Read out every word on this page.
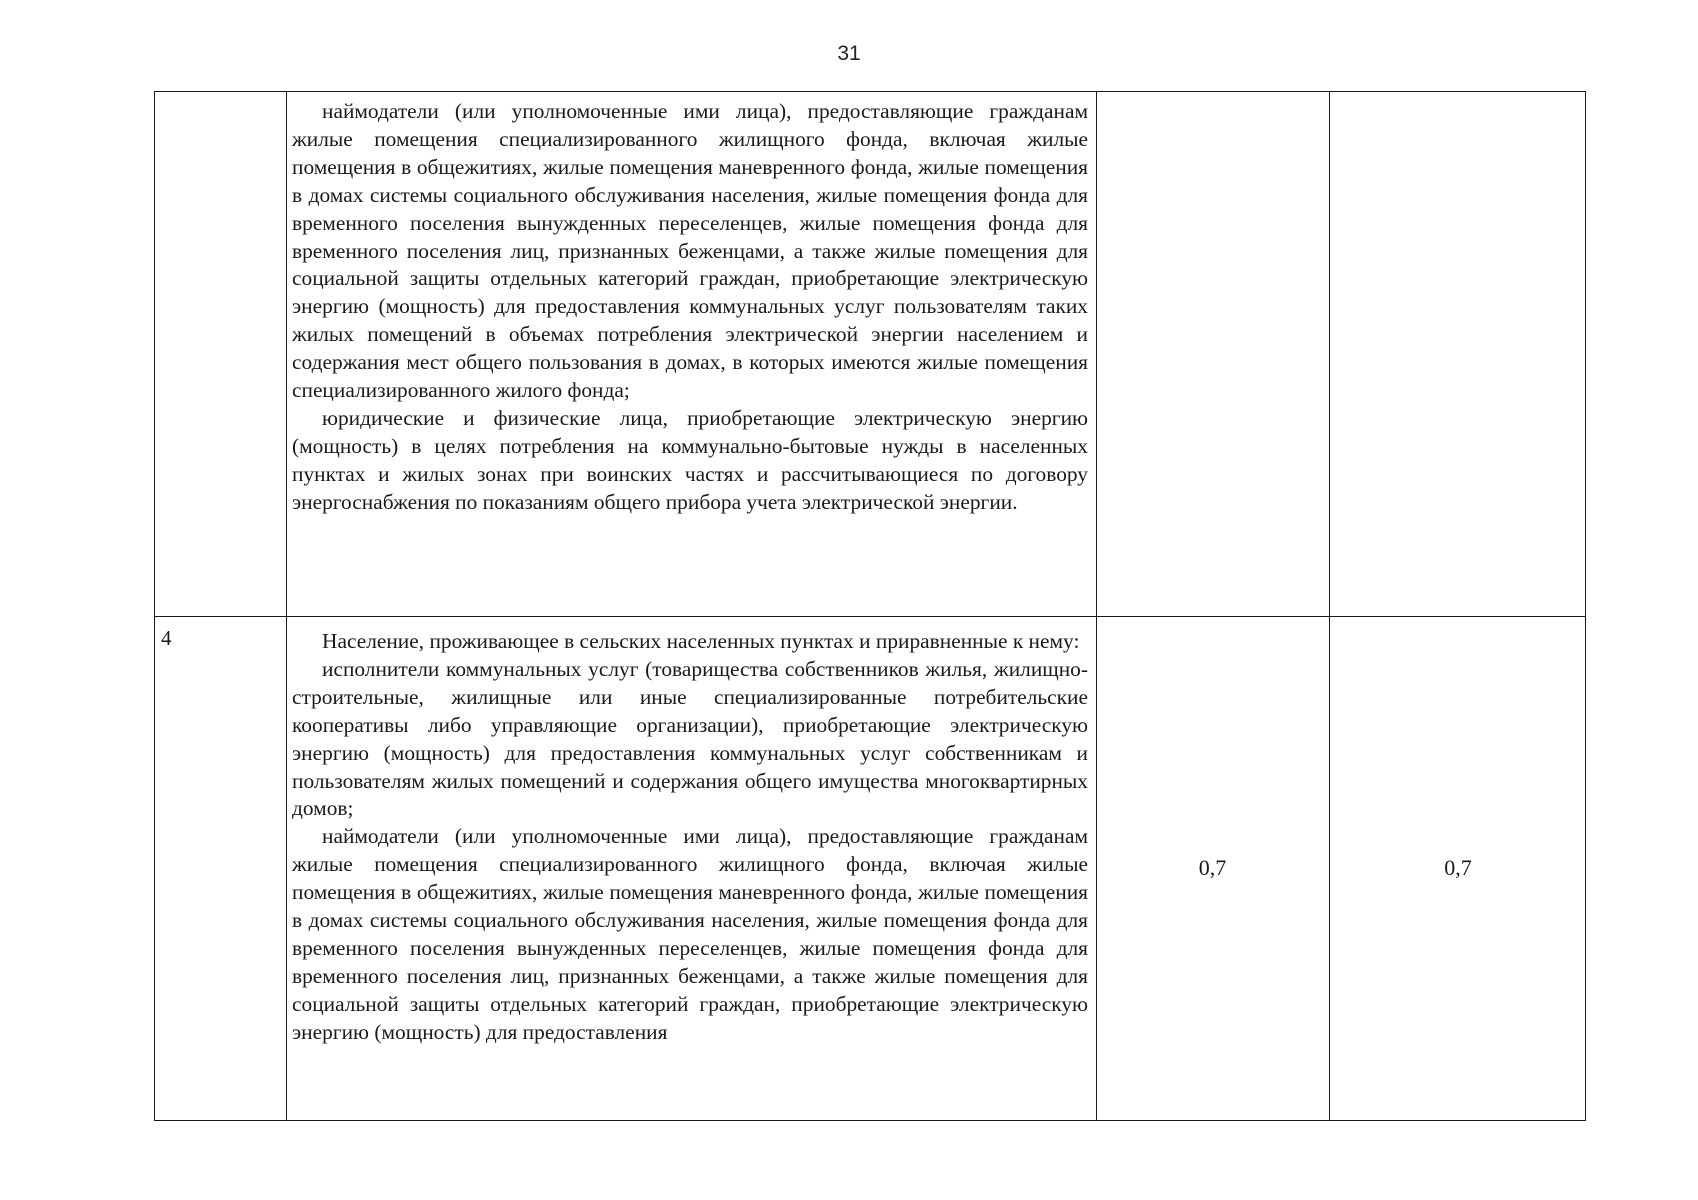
31

наймодатели (или уполномоченные ими лица), предоставляющие гражданам жилые помещения специализированного жилищного фонда, включая жилые помещения в общежитиях, жилые помещения маневренного фонда, жилые помещения в домах системы социального обслуживания населения, жилые помещения фонда для временного поселения вынужденных переселенцев, жилые помещения фонда для временного поселения лиц, признанных беженцами, а также жилые помещения для социальной защиты отдельных категорий граждан, приобретающие электрическую энергию (мощность) для предоставления коммунальных услуг пользователям таких жилых помещений в объемах потребления электрической энергии населением и содержания мест общего пользования в домах, в которых имеются жилые помещения специализированного жилого фонда;

юридические и физические лица, приобретающие электрическую энергию (мощность) в целях потребления на коммунально-бытовые нужды в населенных пунктах и жилых зонах при воинских частях и рассчитывающиеся по договору энергоснабжения по показаниям общего прибора учета электрической энергии.

4	Население, проживающее в сельских населенных пунктах и приравненные к нему:

исполнители коммунальных услуг (товарищества собственников жилья, жилищно-строительные, жилищные или иные специализированные потребительские кооперативы либо управляющие организации), приобретающие электрическую энергию (мощность) для предоставления коммунальных услуг собственникам и пользователям жилых помещений и содержания общего имущества многоквартирных домов;

наймодатели (или уполномоченные ими лица), предоставляющие гражданам жилые помещения специализированного жилищного фонда, включая жилые помещения в общежитиях, жилые помещения маневренного фонда, жилые помещения в домах системы социального обслуживания населения, жилые помещения фонда для временного поселения вынужденных переселенцев, жилые помещения фонда для временного поселения лиц, признанных беженцами, а также жилые помещения для социальной защиты отдельных категорий граждан, приобретающие электрическую энергию (мощность) для предоставления

0,7	0,7
